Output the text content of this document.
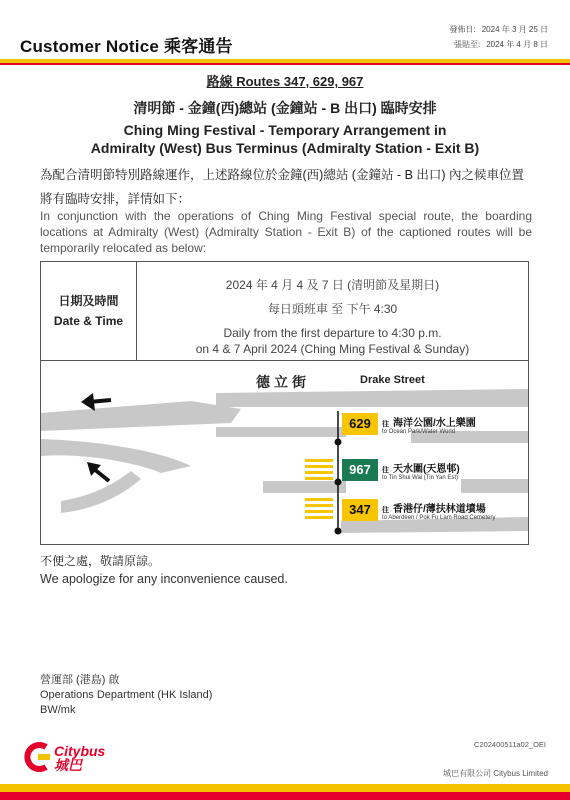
Customer Notice 乘客通告
發佈日: 2024 年 3 月 25 日
張貼至: 2024 年 4 月 8 日
路線 Routes 347, 629, 967
清明節 - 金鐘(西)總站 (金鐘站 - B 出口) 臨時安排
Ching Ming Festival - Temporary Arrangement in
Admiralty (West) Bus Terminus (Admiralty Station - Exit B)
為配合清明節特別路線運作，上述路線位於金鐘(西)總站 (金鐘站 - B 出口) 內之候車位置將有臨時安排，詳情如下：
In conjunction with the operations of Ching Ming Festival special route, the boarding locations at Admiralty (West) (Admiralty Station - Exit B) of the captioned routes will be temporarily relocated as below:
日期及時間
Date & Time
2024 年 4 月 4 及 7 日 (清明節及星期日)
每日頭班車 至 下午 4:30
Daily from the first departure to 4:30 p.m.
on 4 & 7 April 2024 (Ching Ming Festival & Sunday)
德立街	Drake Street
629	往 海洋公園/水上樂園
to Ocean Park/Water World
967	往 天水圍(天恩邨)
to Tin Shui Wai (Tin Yan Est)
347	往 香港仔/薄扶林道墳場
to Aberdeen / Pok Fu Lam Road Cemetery
不便之處，敬請原諒。
We apologize for any inconvenience caused.
營運部 (港島) 啟
Operations Department (HK Island)
BW/mk
Citybus
城巴
C202400511a02_OEI
城巴有限公司 Citybus Limited
